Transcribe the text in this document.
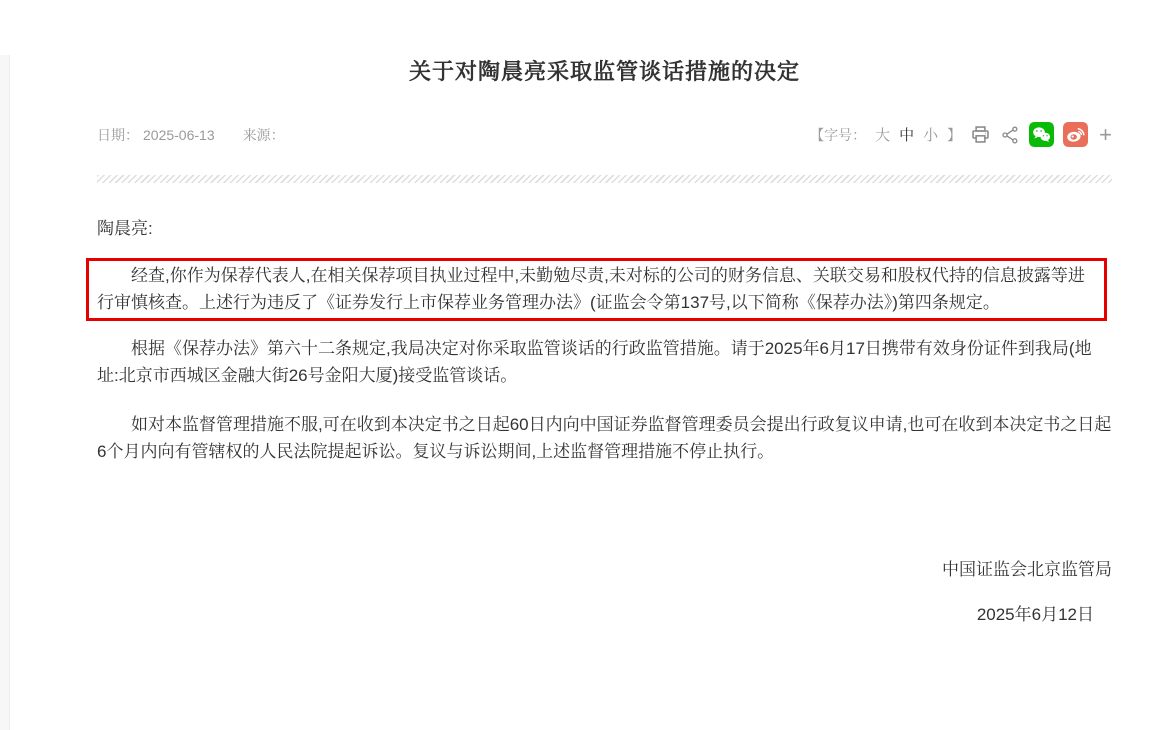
关于对陶晨亮采取监管谈话措施的决定
日期： 2025-06-13 来源：	【字号： 大 中 小 】	+
陶晨亮:

经查,你作为保荐代表人,在相关保荐项目执业过程中,未勤勉尽责,未对标的公司的财务信息、关联交易和股权代持的信息披露等进行审慎核查。上述行为违反了《证券发行上市保荐业务管理办法》(证监会令第137号,以下简称《保荐办法》)第四条规定。

根据《保荐办法》第六十二条规定,我局决定对你采取监管谈话的行政监管措施。请于2025年6月17日携带有效身份证件到我局(地址:北京市西城区金融大街26号金阳大厦)接受监管谈话。

如对本监督管理措施不服,可在收到本决定书之日起60日内向中国证券监督管理委员会提出行政复议申请,也可在收到本决定书之日起6个月内向有管辖权的人民法院提起诉讼。复议与诉讼期间,上述监督管理措施不停止执行。

中国证监会北京监管局
2025年6月12日
